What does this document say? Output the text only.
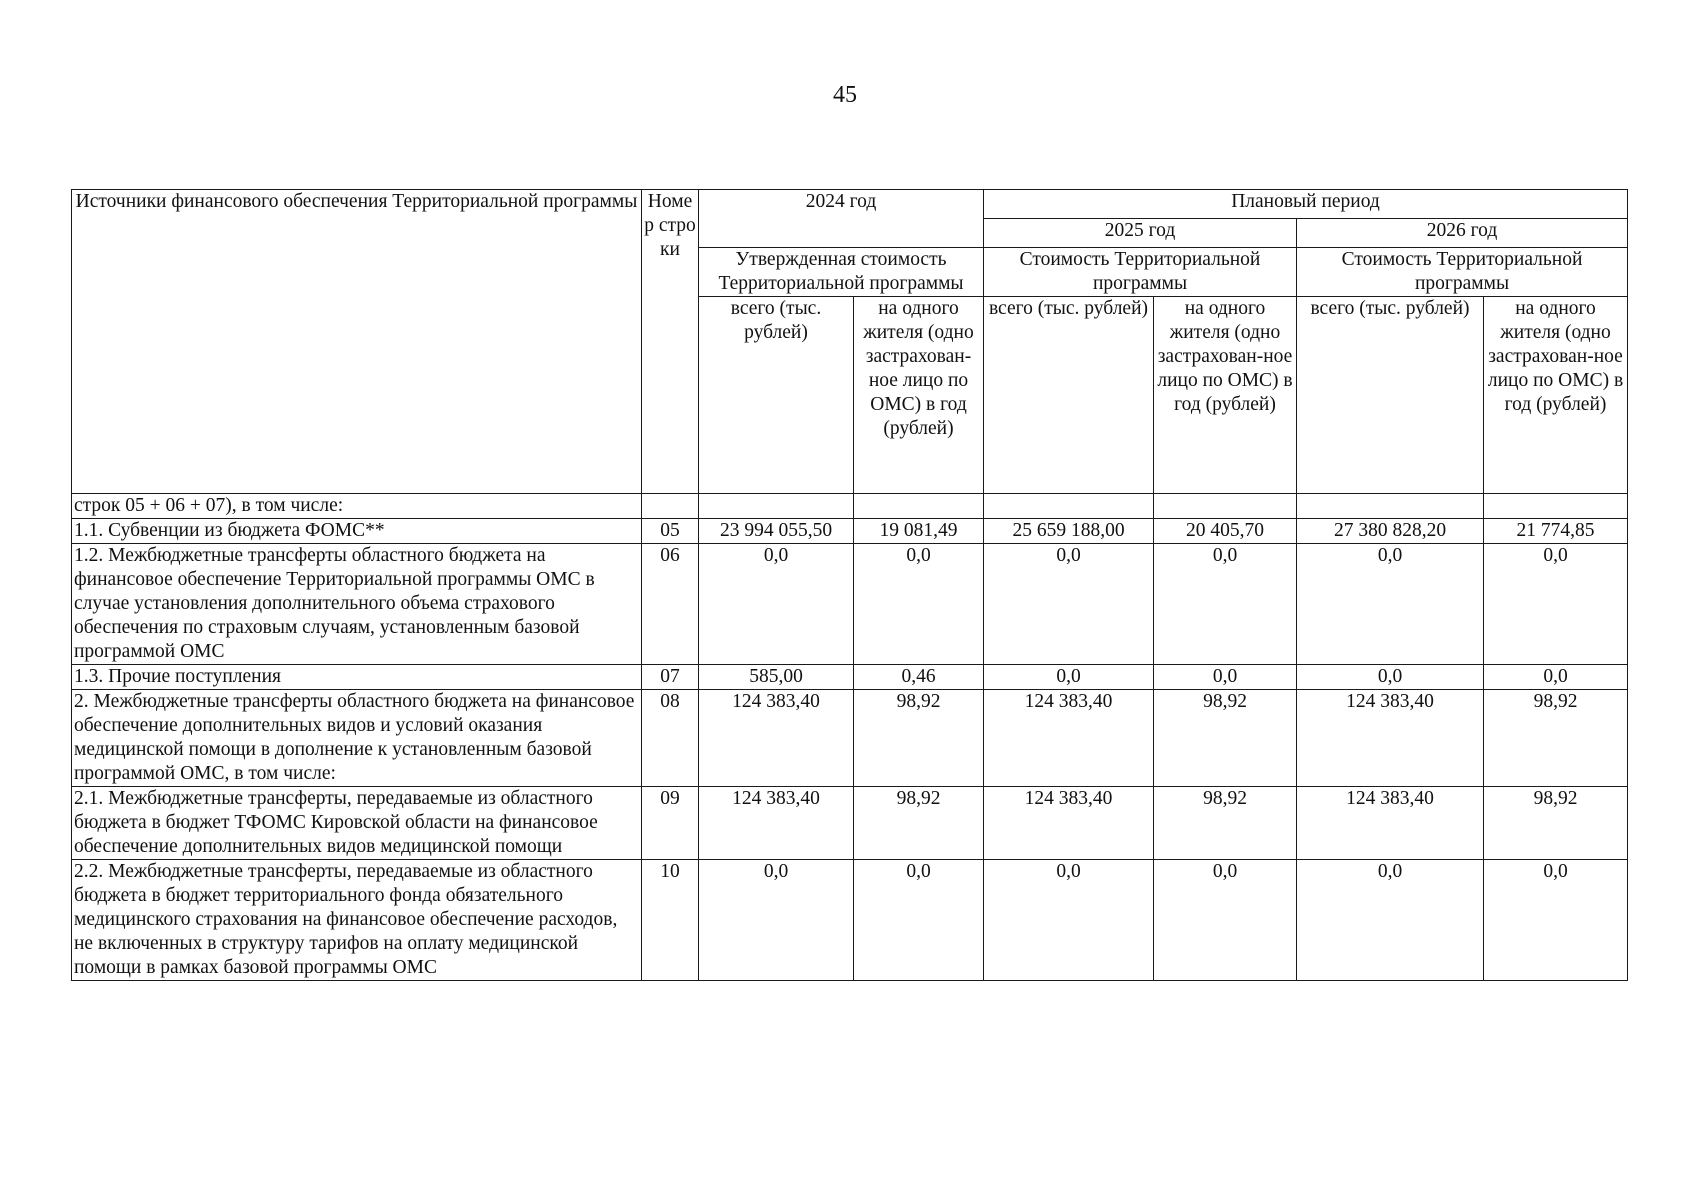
45
Источники финансового обеспечения Территориальной программы	Номер строки	2024 год		Плановый период			
				2025 год		2026 год	
		Утвержденная стоимость Территориальной программы		Стоимость Территориальной программы		Стоимость Территориальной программы	
		всего (тыс. рублей)	на одного жителя (одно застрахован-ное лицо по ОМС) в год (рублей)	всего (тыс. рублей)	на одного жителя (одно застрахован-ное лицо по ОМС) в год (рублей)	всего (тыс. рублей)	на одного жителя (одно застрахован-ное лицо по ОМС) в год (рублей)
строк 05 + 06 + 07), в том числе:							
1.1. Субвенции из бюджета ФОМС**	05	23 994 055,50	19 081,49	25 659 188,00	20 405,70	27 380 828,20	21 774,85
1.2. Межбюджетные трансферты областного бюджета на финансовое обеспечение Территориальной программы ОМС в случае установления дополнительного объема страхового обеспечения по страховым случаям, установленным базовой программой ОМС	06	0,0	0,0	0,0	0,0	0,0	0,0
1.3. Прочие поступления	07	585,00	0,46	0,0	0,0	0,0	0,0
2. Межбюджетные трансферты областного бюджета на финансовое обеспечение дополнительных видов и условий оказания медицинской помощи в дополнение к установленным базовой программой ОМС, в том числе:	08	124 383,40	98,92	124 383,40	98,92	124 383,40	98,92
2.1. Межбюджетные трансферты, передаваемые из областного бюджета в бюджет ТФОМС Кировской области на финансовое обеспечение дополнительных видов медицинской помощи	09	124 383,40	98,92	124 383,40	98,92	124 383,40	98,92
2.2. Межбюджетные трансферты, передаваемые из областного бюджета в бюджет территориального фонда обязательного медицинского страхования на финансовое обеспечение расходов, не включенных в структуру тарифов на оплату медицинской помощи в рамках базовой программы ОМС	10	0,0	0,0	0,0	0,0	0,0	0,0
